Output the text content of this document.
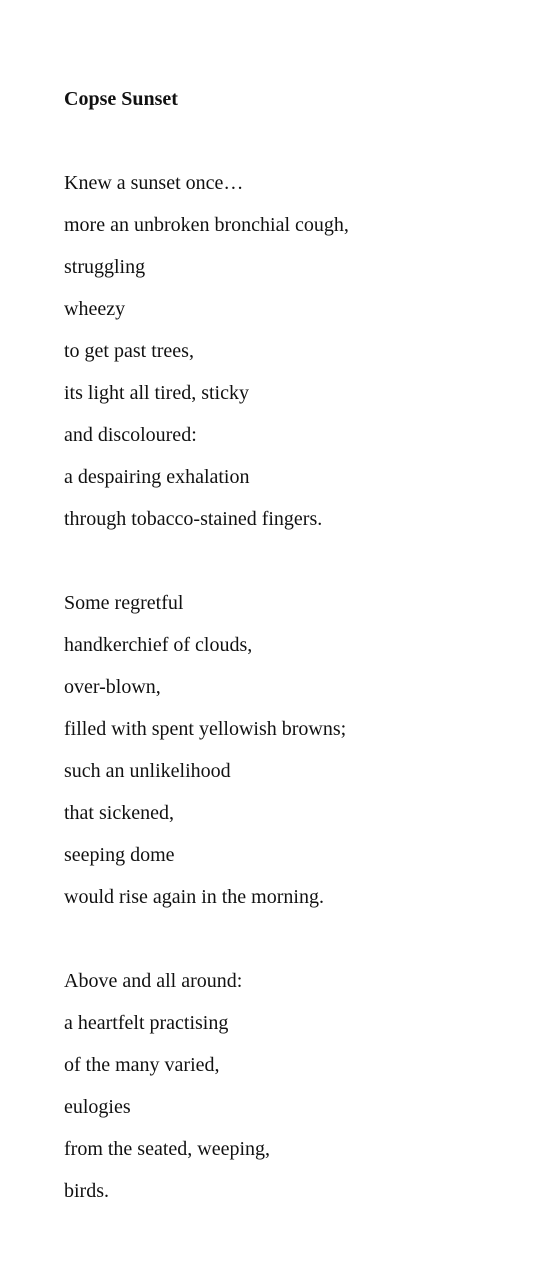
Copse Sunset
Knew a sunset once…
more an unbroken bronchial cough,
struggling
wheezy
to get past trees,
its light all tired, sticky
and discoloured:
a despairing exhalation
through tobacco-stained fingers.
Some regretful
handkerchief of clouds,
over-blown,
filled with spent yellowish browns;
such an unlikelihood
that sickened,
seeping dome
would rise again in the morning.
Above and all around:
a heartfelt practising
of the many varied,
eulogies
from the seated, weeping,
birds.
